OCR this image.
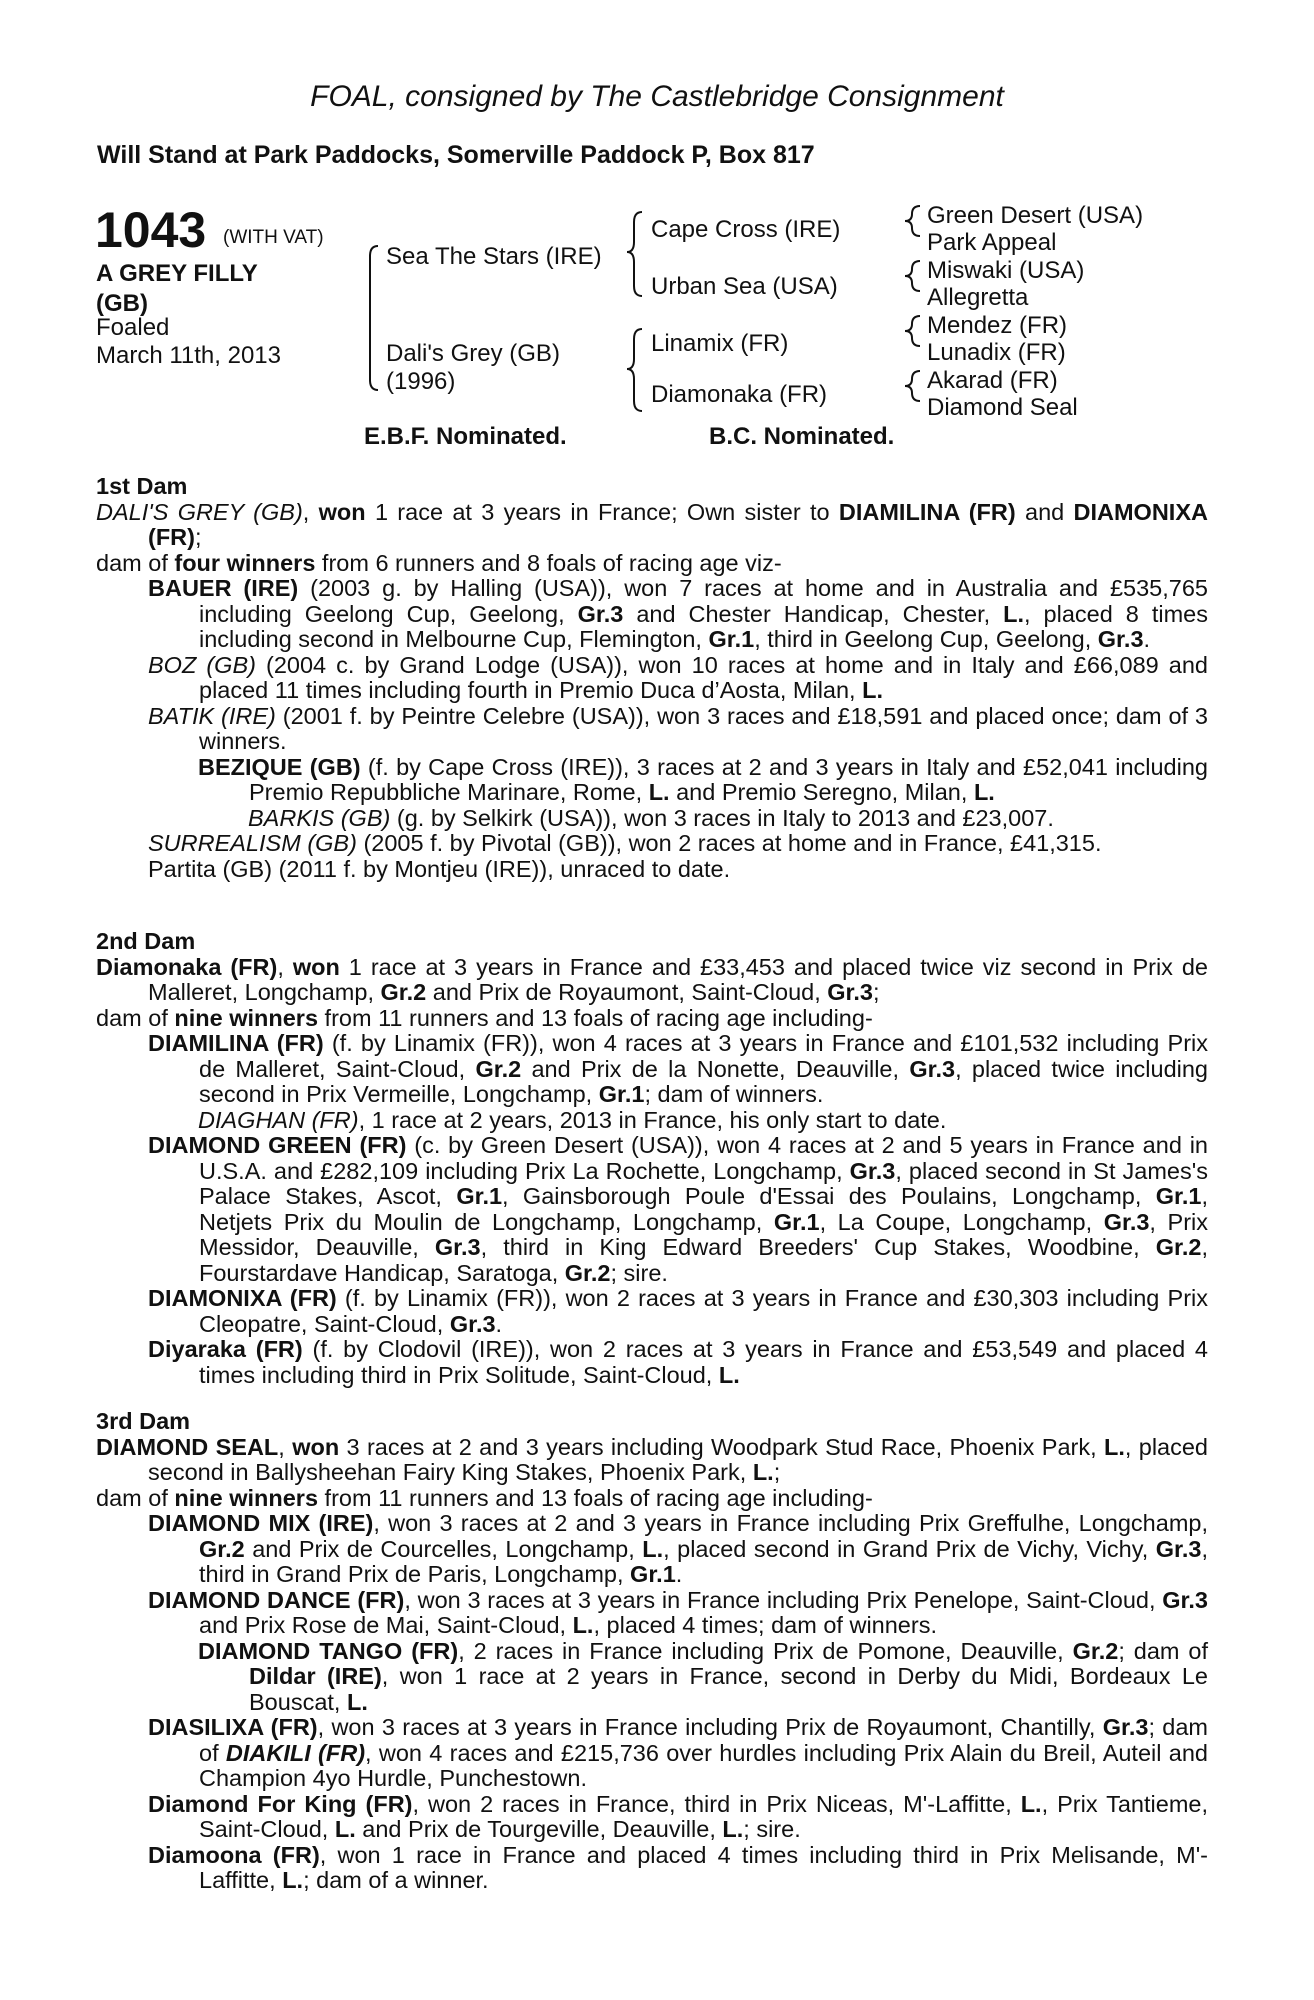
FOAL, consigned by The Castlebridge Consignment
Will Stand at Park Paddocks, Somerville Paddock P, Box 817
1043 (WITH VAT)
A GREY FILLY
(GB)
Foaled
March 11th, 2013
Sea The Stars (IRE)
Dali's Grey (GB)
(1996)
Cape Cross (IRE)
Urban Sea (USA)
Linamix (FR)
Diamonaka (FR)
Green Desert (USA)
Park Appeal
Miswaki (USA)
Allegretta
Mendez (FR)
Lunadix (FR)
Akarad (FR)
Diamond Seal
E.B.F. Nominated.	B.C. Nominated.

1st Dam

DALI'S GREY (GB), won 1 race at 3 years in France; Own sister to DIAMILINA (FR) and DIAMONIXA (FR);

dam of four winners from 6 runners and 8 foals of racing age viz-

BAUER (IRE) (2003 g. by Halling (USA)), won 7 races at home and in Australia and £535,765 including Geelong Cup, Geelong, Gr.3 and Chester Handicap, Chester, L., placed 8 times including second in Melbourne Cup, Flemington, Gr.1, third in Geelong Cup, Geelong, Gr.3.

BOZ (GB) (2004 c. by Grand Lodge (USA)), won 10 races at home and in Italy and £66,089 and placed 11 times including fourth in Premio Duca d’Aosta, Milan, L.

BATIK (IRE) (2001 f. by Peintre Celebre (USA)), won 3 races and £18,591 and placed once; dam of 3 winners.

BEZIQUE (GB) (f. by Cape Cross (IRE)), 3 races at 2 and 3 years in Italy and £52,041 including Premio Repubbliche Marinare, Rome, L. and Premio Seregno, Milan, L.

BARKIS (GB) (g. by Selkirk (USA)), won 3 races in Italy to 2013 and £23,007.

SURREALISM (GB) (2005 f. by Pivotal (GB)), won 2 races at home and in France, £41,315.

Partita (GB) (2011 f. by Montjeu (IRE)), unraced to date.

2nd Dam

Diamonaka (FR), won 1 race at 3 years in France and £33,453 and placed twice viz second in Prix de Malleret, Longchamp, Gr.2 and Prix de Royaumont, Saint-Cloud, Gr.3;

dam of nine winners from 11 runners and 13 foals of racing age including-

DIAMILINA (FR) (f. by Linamix (FR)), won 4 races at 3 years in France and £101,532 including Prix de Malleret, Saint-Cloud, Gr.2 and Prix de la Nonette, Deauville, Gr.3, placed twice including second in Prix Vermeille, Longchamp, Gr.1; dam of winners.

DIAGHAN (FR), 1 race at 2 years, 2013 in France, his only start to date.

DIAMOND GREEN (FR) (c. by Green Desert (USA)), won 4 races at 2 and 5 years in France and in U.S.A. and £282,109 including Prix La Rochette, Longchamp, Gr.3, placed second in St James's Palace Stakes, Ascot, Gr.1, Gainsborough Poule d'Essai des Poulains, Longchamp, Gr.1, Netjets Prix du Moulin de Longchamp, Longchamp, Gr.1, La Coupe, Longchamp, Gr.3, Prix Messidor, Deauville, Gr.3, third in King Edward Breeders' Cup Stakes, Woodbine, Gr.2, Fourstardave Handicap, Saratoga, Gr.2; sire.

DIAMONIXA (FR) (f. by Linamix (FR)), won 2 races at 3 years in France and £30,303 including Prix Cleopatre, Saint-Cloud, Gr.3.

Diyaraka (FR) (f. by Clodovil (IRE)), won 2 races at 3 years in France and £53,549 and placed 4 times including third in Prix Solitude, Saint-Cloud, L.

3rd Dam

DIAMOND SEAL, won 3 races at 2 and 3 years including Woodpark Stud Race, Phoenix Park, L., placed second in Ballysheehan Fairy King Stakes, Phoenix Park, L.;

dam of nine winners from 11 runners and 13 foals of racing age including-

DIAMOND MIX (IRE), won 3 races at 2 and 3 years in France including Prix Greffulhe, Longchamp, Gr.2 and Prix de Courcelles, Longchamp, L., placed second in Grand Prix de Vichy, Vichy, Gr.3, third in Grand Prix de Paris, Longchamp, Gr.1.

DIAMOND DANCE (FR), won 3 races at 3 years in France including Prix Penelope, Saint-Cloud, Gr.3 and Prix Rose de Mai, Saint-Cloud, L., placed 4 times; dam of winners.

DIAMOND TANGO (FR), 2 races in France including Prix de Pomone, Deauville, Gr.2; dam of Dildar (IRE), won 1 race at 2 years in France, second in Derby du Midi, Bordeaux Le Bouscat, L.

DIASILIXA (FR), won 3 races at 3 years in France including Prix de Royaumont, Chantilly, Gr.3; dam of DIAKILI (FR), won 4 races and £215,736 over hurdles including Prix Alain du Breil, Auteil and Champion 4yo Hurdle, Punchestown.

Diamond For King (FR), won 2 races in France, third in Prix Niceas, M'-Laffitte, L., Prix Tantieme, Saint-Cloud, L. and Prix de Tourgeville, Deauville, L.; sire.

Diamoona (FR), won 1 race in France and placed 4 times including third in Prix Melisande, M'-Laffitte, L.; dam of a winner.
